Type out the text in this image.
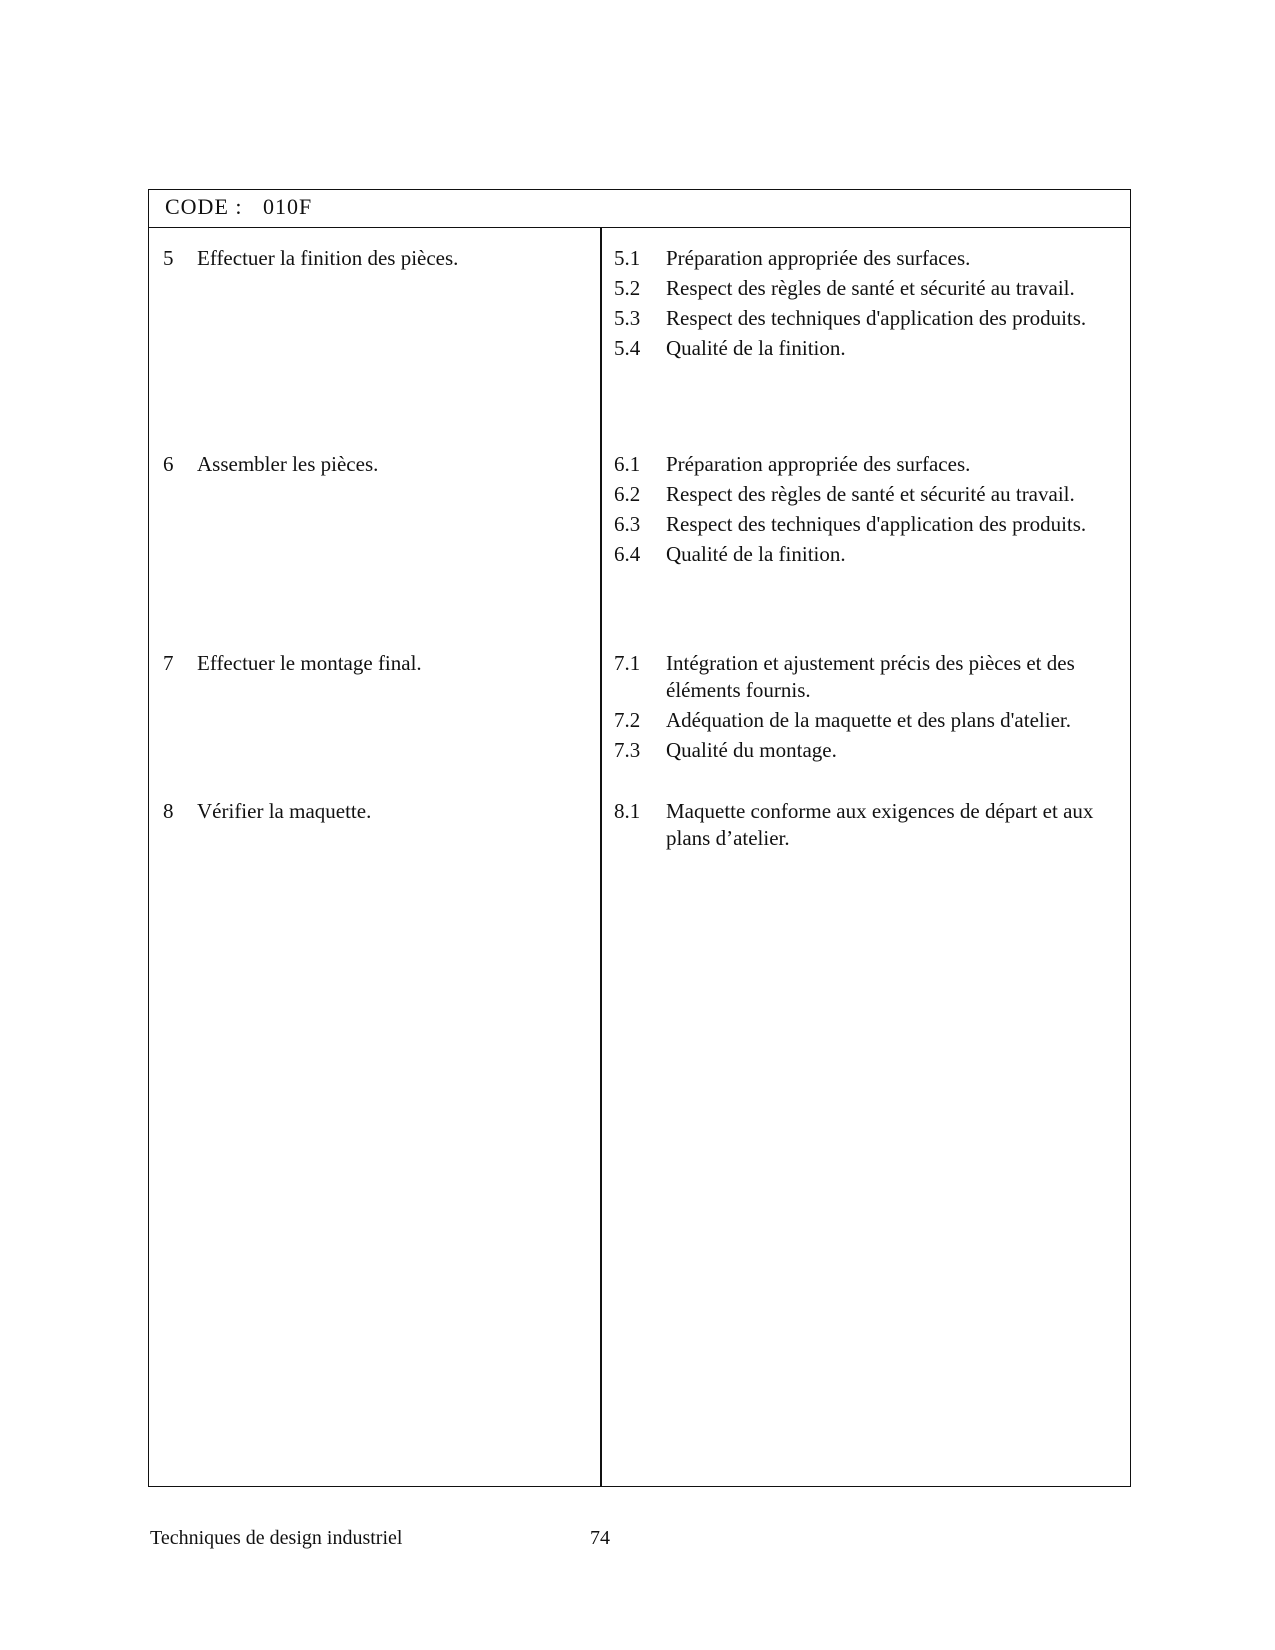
CODE : 010F
5 Effectuer la finition des pièces.	5.1 Préparation appropriée des surfaces.
5.2 Respect des règles de santé et sécurité au travail.
5.3 Respect des techniques d'application des produits.
5.4 Qualité de la finition.
6 Assembler les pièces.	6.1 Préparation appropriée des surfaces.
6.2 Respect des règles de santé et sécurité au travail.
6.3 Respect des techniques d'application des produits.
6.4 Qualité de la finition.
7 Effectuer le montage final.	7.1 Intégration et ajustement précis des pièces et des éléments fournis.
7.2 Adéquation de la maquette et des plans d'atelier.
7.3 Qualité du montage.
8 Vérifier la maquette.	8.1 Maquette conforme aux exigences de départ et aux plans d’atelier.
Techniques de design industriel	74
